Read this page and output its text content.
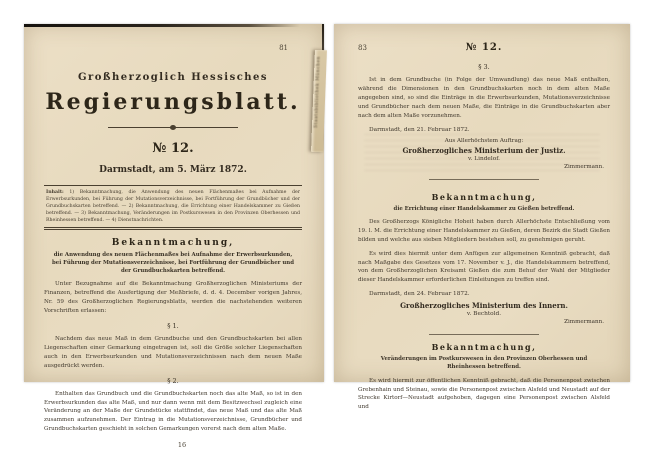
Staatsbibliothek München
81
Großherzoglich Hessisches
Regierungsblatt.
№ 12.
Darmstadt, am 5. März 1872.
Inhalt: 1) Bekanntmachung, die Anwendung des neuen Flächenmaßes bei Aufnahme der Erwerbsurkunden, bei Führung der Mutationsverzeichnisse, bei Fortführung der Grundbücher und der Grundbuchskarten betreffend. — 2) Bekanntmachung, die Errichtung einer Handelskammer zu Gießen betreffend. — 3) Bekanntmachung, Veränderungen im Postkurswesen in den Provinzen Oberhessen und Rheinhessen betreffend. — 4) Dienstnachrichten.
Bekanntmachung,
die Anwendung des neuen Flächenmaßes bei Aufnahme der Erwerbsurkunden, bei Führung der Mutationsverzeichnisse, bei Fortführung der Grundbücher und der Grundbuchskarten betreffend.
Unter Bezugnahme auf die Bekanntmachung Großherzoglichen Ministeriums der Finanzen, betreffend die Ausfertigung der Meßbriefe, d. d. 4. December vorigen Jahres, Nr. 59 des Großherzoglichen Regierungsblatts, werden die nachstehenden weiteren Vorschriften erlassen:
§ 1.
Nachdem das neue Maß in dem Grundbuche und den Grundbuchskarten bei allen Liegenschaften einer Gemarkung eingetragen ist, soll die Größe solcher Liegenschaften auch in den Erwerbsurkunden und Mutationsverzeichnissen nach dem neuen Maße ausgedrückt werden.
§ 2.
Enthalten das Grundbuch und die Grundbuchskarten noch das alte Maß, so ist in den Erwerbsurkunden das alte Maß, und nur dann wenn mit dem Besitzwechsel zugleich eine Veränderung an der Maße der Grundstücke stattfindet, das neue Maß und das alte Maß zusammen aufzunehmen. Der Eintrag in die Mutationsverzeichnisse, Grundbücher und Grundbuchskarten geschieht in solchen Gemarkungen vorerst nach dem alten Maße.
16
83	№ 12.
§ 3.
Ist in dem Grundbuche (in Folge der Umwandlung) das neue Maß enthalten, während die Dimensionen in den Grundbuchskarten noch in dem alten Maße angegeben sind, so sind die Einträge in die Erwerbsurkunden, Mutationsverzeichnisse und Grundbücher nach dem neuen Maße, die Einträge in die Grundbuchskarten aber nach dem alten Maße vorzunehmen.
Darmstadt, den 21. Februar 1872.
Aus Allerhöchstem Auftrag:
Großherzogliches Ministerium der Justiz.
v. Lindelof.
Zimmermann.
Bekanntmachung,
die Errichtung einer Handelskammer zu Gießen betreffend.
Des Großherzogs Königliche Hoheit haben durch Allerhöchste Entschließung vom 19. l. M. die Errichtung einer Handelskammer zu Gießen, deren Bezirk die Stadt Gießen bilden und welche aus sieben Mitgliedern bestehen soll, zu genehmigen geruht.
Es wird dies hiermit unter dem Anfügen zur allgemeinen Kenntniß gebracht, daß nach Maßgabe des Gesetzes vom 17. November v. J., die Handelskammern betreffend, von dem Großherzoglichen Kreisamt Gießen die zum Behuf der Wahl der Mitglieder dieser Handelskammer erforderlichen Einleitungen zu treffen sind.
Darmstadt, den 24. Februar 1872.
Großherzogliches Ministerium des Innern.
v. Bechtold.
Zimmermann.
Bekanntmachung,
Veränderungen im Postkurswesen in den Provinzen Oberhessen und Rheinhessen betreffend.
Es wird hiermit zur öffentlichen Kenntniß gebracht, daß die Personenpost zwischen Grebenhain und Steinau, sowie die Personenpost zwischen Alsfeld und Neustadt auf der Strecke Kirtorf—Neustadt aufgehoben, dagegen eine Personenpost zwischen Alsfeld und
